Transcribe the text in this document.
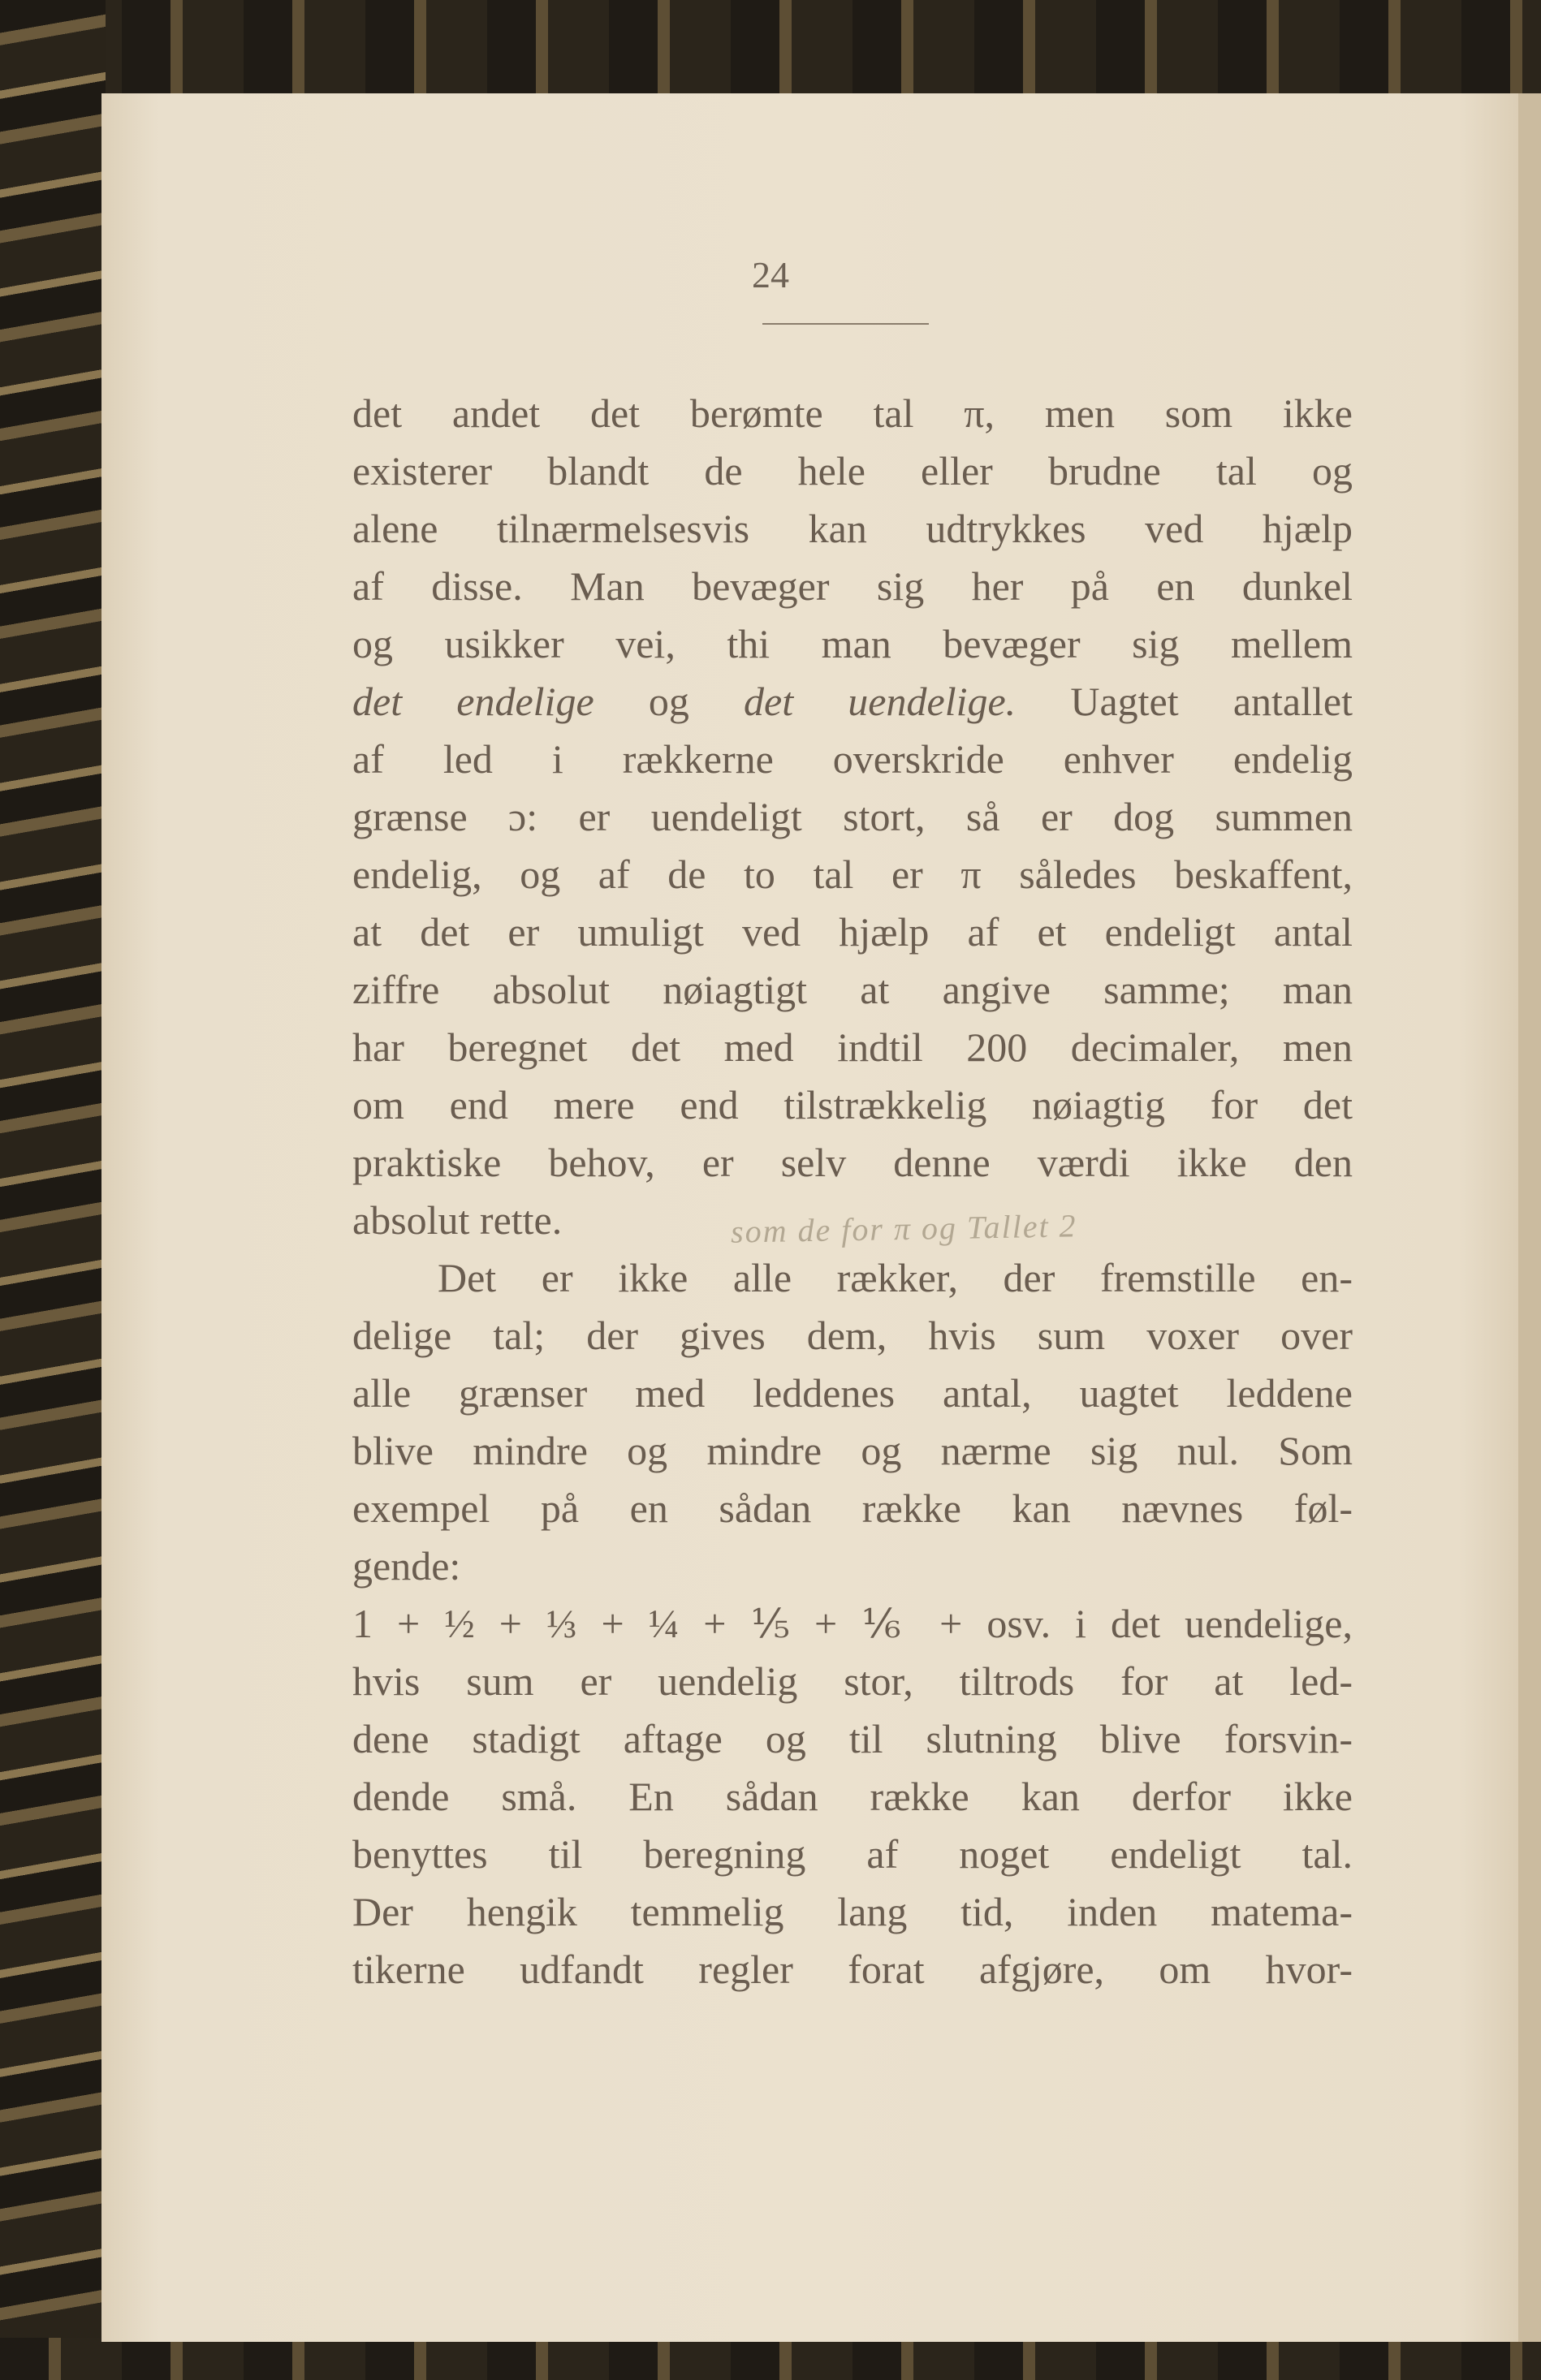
24
det andet det berømte tal π, men som ikke
existerer blandt de hele eller brudne tal og
alene tilnærmelsesvis kan udtrykkes ved hjælp
af disse. Man bevæger sig her på en dunkel
og usikker vei, thi man bevæger sig mellem
det endelige og det uendelige. Uagtet antallet
af led i rækkerne overskride enhver endelig
grænse ɔ: er uendeligt stort, så er dog summen
endelig, og af de to tal er π således beskaffent,
at det er umuligt ved hjælp af et endeligt antal
ziffre absolut nøiagtigt at angive samme; man
har beregnet det med indtil 200 decimaler, men
om end mere end tilstrækkelig nøiagtig for det
praktiske behov, er selv denne værdi ikke den
absolut rette.
Det er ikke alle rækker, der fremstille en-
delige tal; der gives dem, hvis sum voxer over
alle grænser med leddenes antal, uagtet leddene
blive mindre og mindre og nærme sig nul. Som
exempel på en sådan række kan nævnes føl-
gende:
1 + ½ + ⅓ + ¼ + ⅕ + ⅙ + osv. i det uendelige,
hvis sum er uendelig stor, tiltrods for at led-
dene stadigt aftage og til slutning blive forsvin-
dende små. En sådan række kan derfor ikke
benyttes til beregning af noget endeligt tal.
Der hengik temmelig lang tid, inden matema-
tikerne udfandt regler forat afgjøre, om hvor-
som de for π og Tallet 2
